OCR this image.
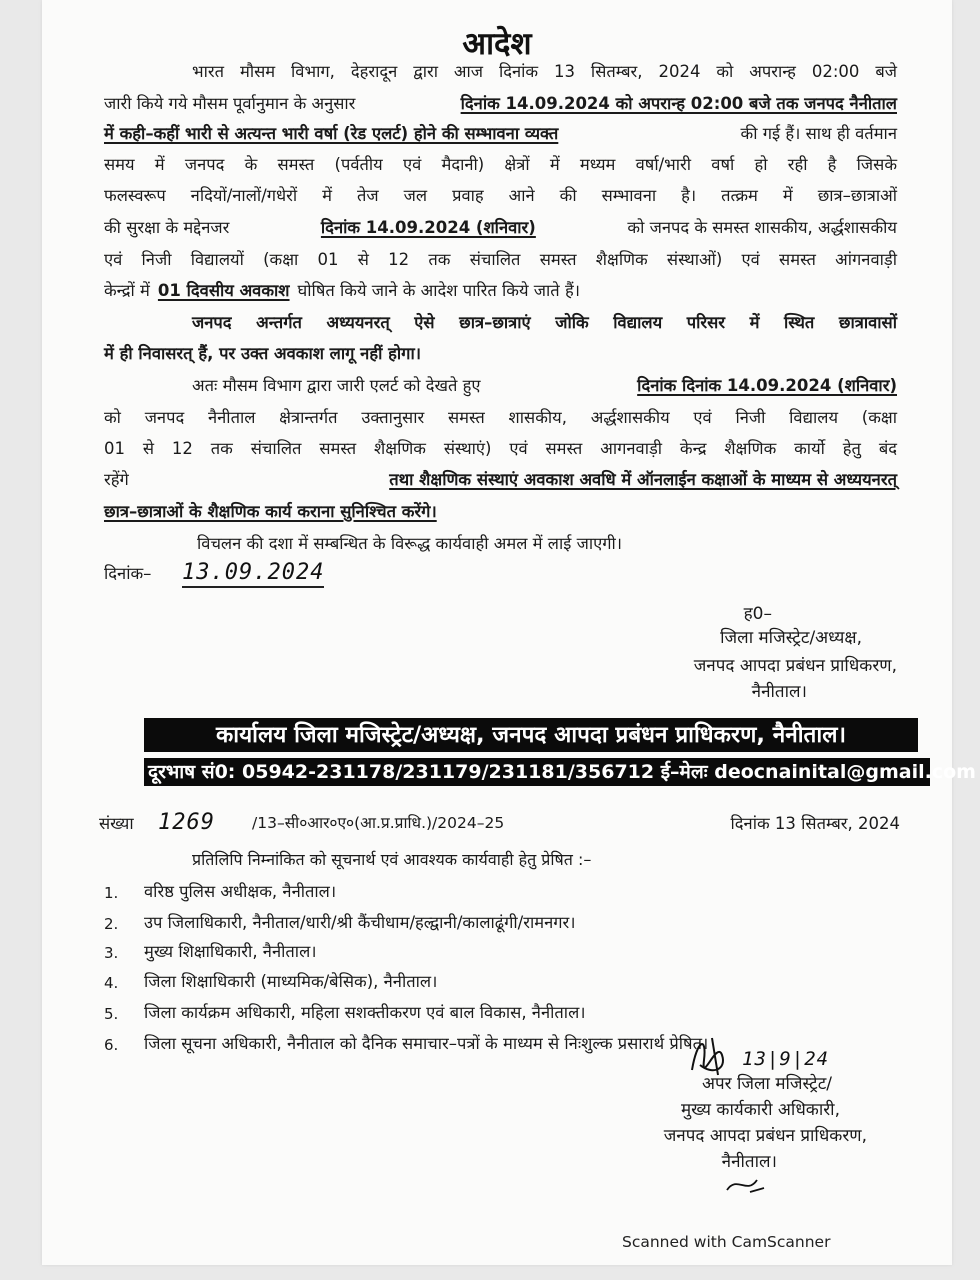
आदेश
भारत मौसम विभाग, देहरादून द्वारा आज दिनांक 13 सितम्बर, 2024 को अपरान्ह 02:00 बजे
जारी किये गये मौसम पूर्वानुमान के अनुसार	दिनांक 14.09.2024 को अपरान्ह 02:00 बजे तक जनपद नैनीताल
में कही–कहीं भारी से अत्यन्त भारी वर्षा (रेड एलर्ट) होने की सम्भावना व्यक्त	की गई हैं। साथ ही वर्तमान
समय में जनपद के समस्त (पर्वतीय एवं मैदानी) क्षेत्रों में मध्यम वर्षा/भारी वर्षा हो रही है जिसके
फलस्वरूप नदियों/नालों/गधेरों में तेज जल प्रवाह आने की सम्भावना है। तत्क्रम में छात्र–छात्राओं
की सुरक्षा के मद्देनजर	दिनांक 14.09.2024 (शनिवार)	को जनपद के समस्त शासकीय, अर्द्धशासकीय
एवं निजी विद्यालयों (कक्षा 01 से 12 तक संचालित समस्त शैक्षणिक संस्थाओं) एवं समस्त आंगनवाड़ी
केन्द्रों में 01 दिवसीय अवकाश घोषित किये जाने के आदेश पारित किये जाते हैं।
जनपद अन्तर्गत अध्ययनरत् ऐसे छात्र–छात्राएं जोकि विद्यालय परिसर में स्थित छात्रावासों
में ही निवासरत् हैं, पर उक्त अवकाश लागू नहीं होगा।
अतः मौसम विभाग द्वारा जारी एलर्ट को देखते हुए	दिनांक दिनांक 14.09.2024 (शनिवार)
को जनपद नैनीताल क्षेत्रान्तर्गत उक्तानुसार समस्त शासकीय, अर्द्धशासकीय एवं निजी विद्यालय (कक्षा
01 से 12 तक संचालित समस्त शैक्षणिक संस्थाएं) एवं समस्त आगनवाड़ी केन्द्र शैक्षणिक कार्यो हेतु बंद
रहेंगे	तथा शैक्षणिक संस्थाएं अवकाश अवधि में ऑनलाईन कक्षाओं के माध्यम से अध्ययनरत्
छात्र–छात्राओं के शैक्षणिक कार्य कराना सुनिश्चित करेंगे।
विचलन की दशा में सम्बन्धित के विरूद्ध कार्यवाही अमल में लाई जाएगी।
दिनांक– 13.09.2024
ह0–
जिला मजिस्ट्रेट/अध्यक्ष,
जनपद आपदा प्रबंधन प्राधिकरण,
नैनीताल।
कार्यालय जिला मजिस्ट्रेट/अध्यक्ष, जनपद आपदा प्रबंधन प्राधिकरण, नैनीताल।
दूरभाष सं0: 05942-231178/231179/231181/356712 ई–मेलः deocnainital@gmail.com
संख्या 1269 /13–सी०आर०ए०(आ.प्र.प्राधि.)/2024–25	दिनांक 13 सितम्बर, 2024
प्रतिलिपि निम्नांकित को सूचनार्थ एवं आवश्यक कार्यवाही हेतु प्रेषित :–
1.	वरिष्ठ पुलिस अधीक्षक, नैनीताल।
2.	उप जिलाधिकारी, नैनीताल/धारी/श्री कैंचीधाम/हल्द्वानी/कालाढूंगी/रामनगर।
3.	मुख्य शिक्षाधिकारी, नैनीताल।
4.	जिला शिक्षाधिकारी (माध्यमिक/बेसिक), नैनीताल।
5.	जिला कार्यक्रम अधिकारी, महिला सशक्तीकरण एवं बाल विकास, नैनीताल।
6.	जिला सूचना अधिकारी, नैनीताल को दैनिक समाचार–पत्रों के माध्यम से निःशुल्क प्रसारार्थ प्रेषित।
13|9|24
अपर जिला मजिस्ट्रेट/
मुख्य कार्यकारी अधिकारी,
जनपद आपदा प्रबंधन प्राधिकरण,
नैनीताल।
Scanned with CamScanner
